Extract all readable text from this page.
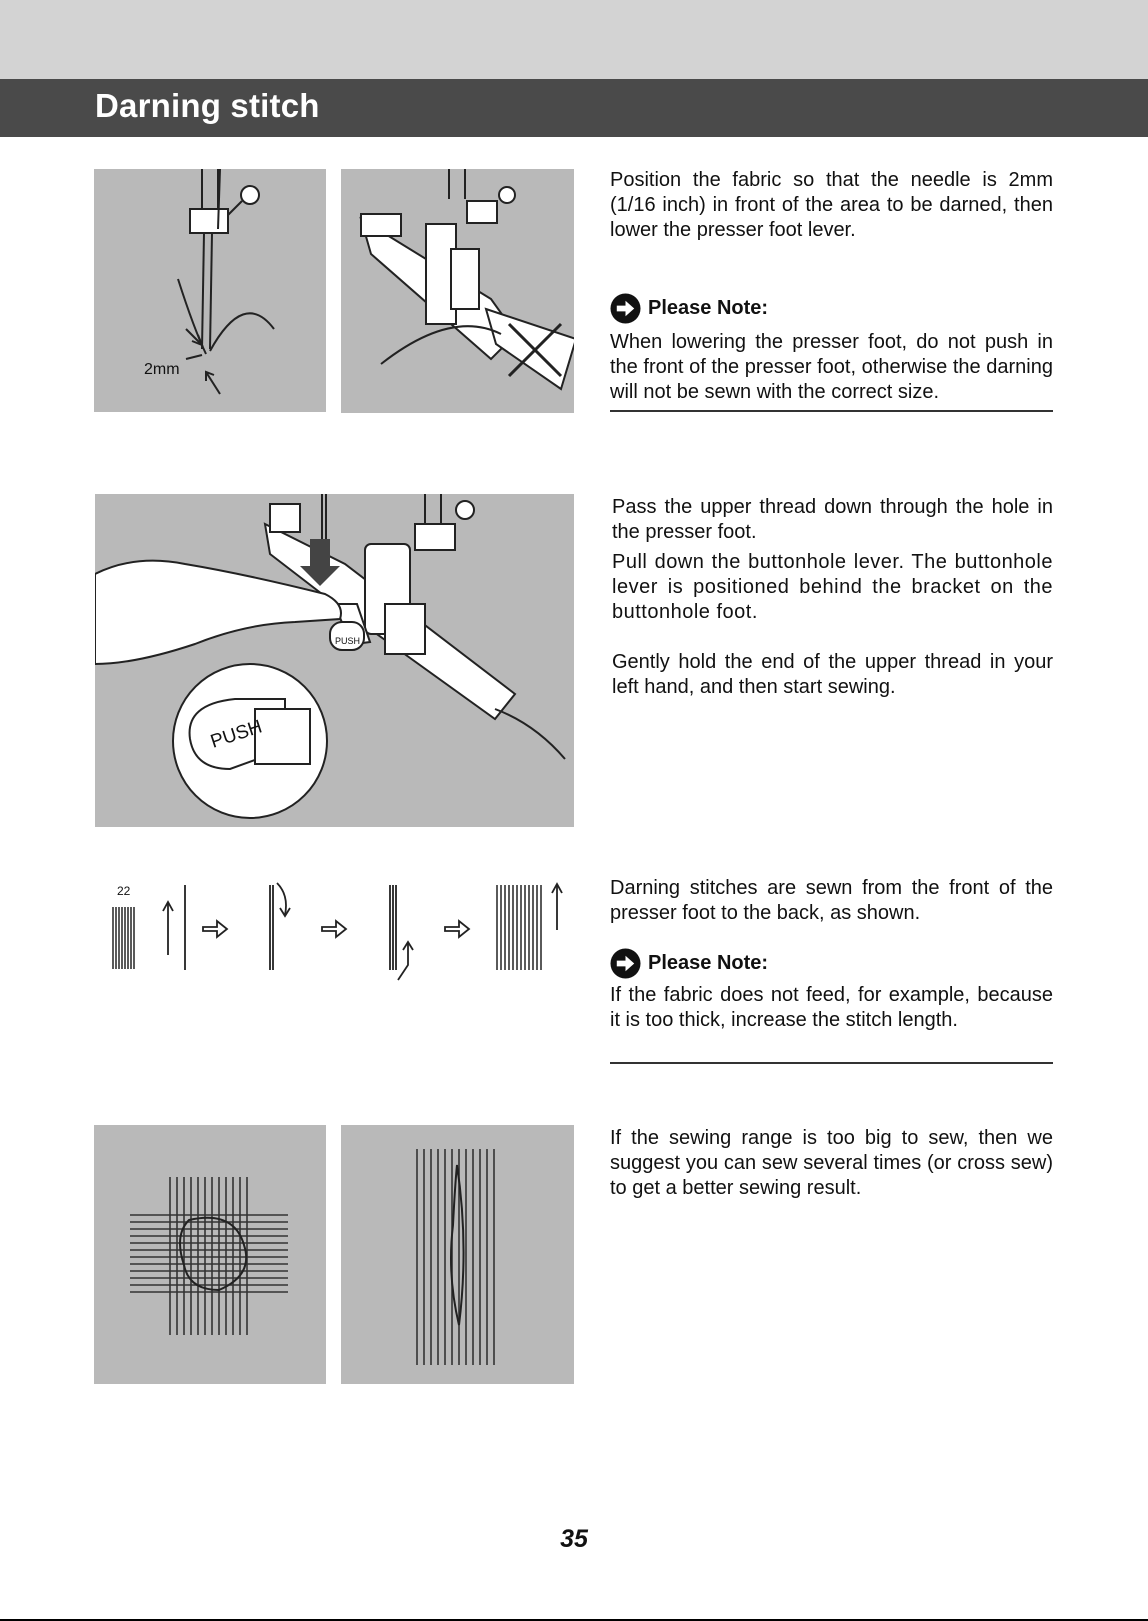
Darning stitch
2mm

Position the fabric so that the needle is 2mm (1/16 inch) in front of the area to be darned, then lower the presser foot lever.

Please Note:

When lowering the presser foot, do not push in the front of the presser foot, otherwise the darning will not be sewn with the correct size.

PUSH
PUSH

Pass the upper thread down through the hole in the presser foot.

Pull down the buttonhole lever. The buttonhole lever is positioned behind the bracket on the buttonhole foot.

Gently hold the end of the upper thread in your left hand, and then start sewing.

22	Darning stitches are sewn from the front of the presser foot to the back, as shown.

Please Note:

If the fabric does not feed, for example, because it is too thick, increase the stitch length.

If the sewing range is too big to sew, then we suggest you can sew several times (or cross sew) to get a better sewing result.

35
